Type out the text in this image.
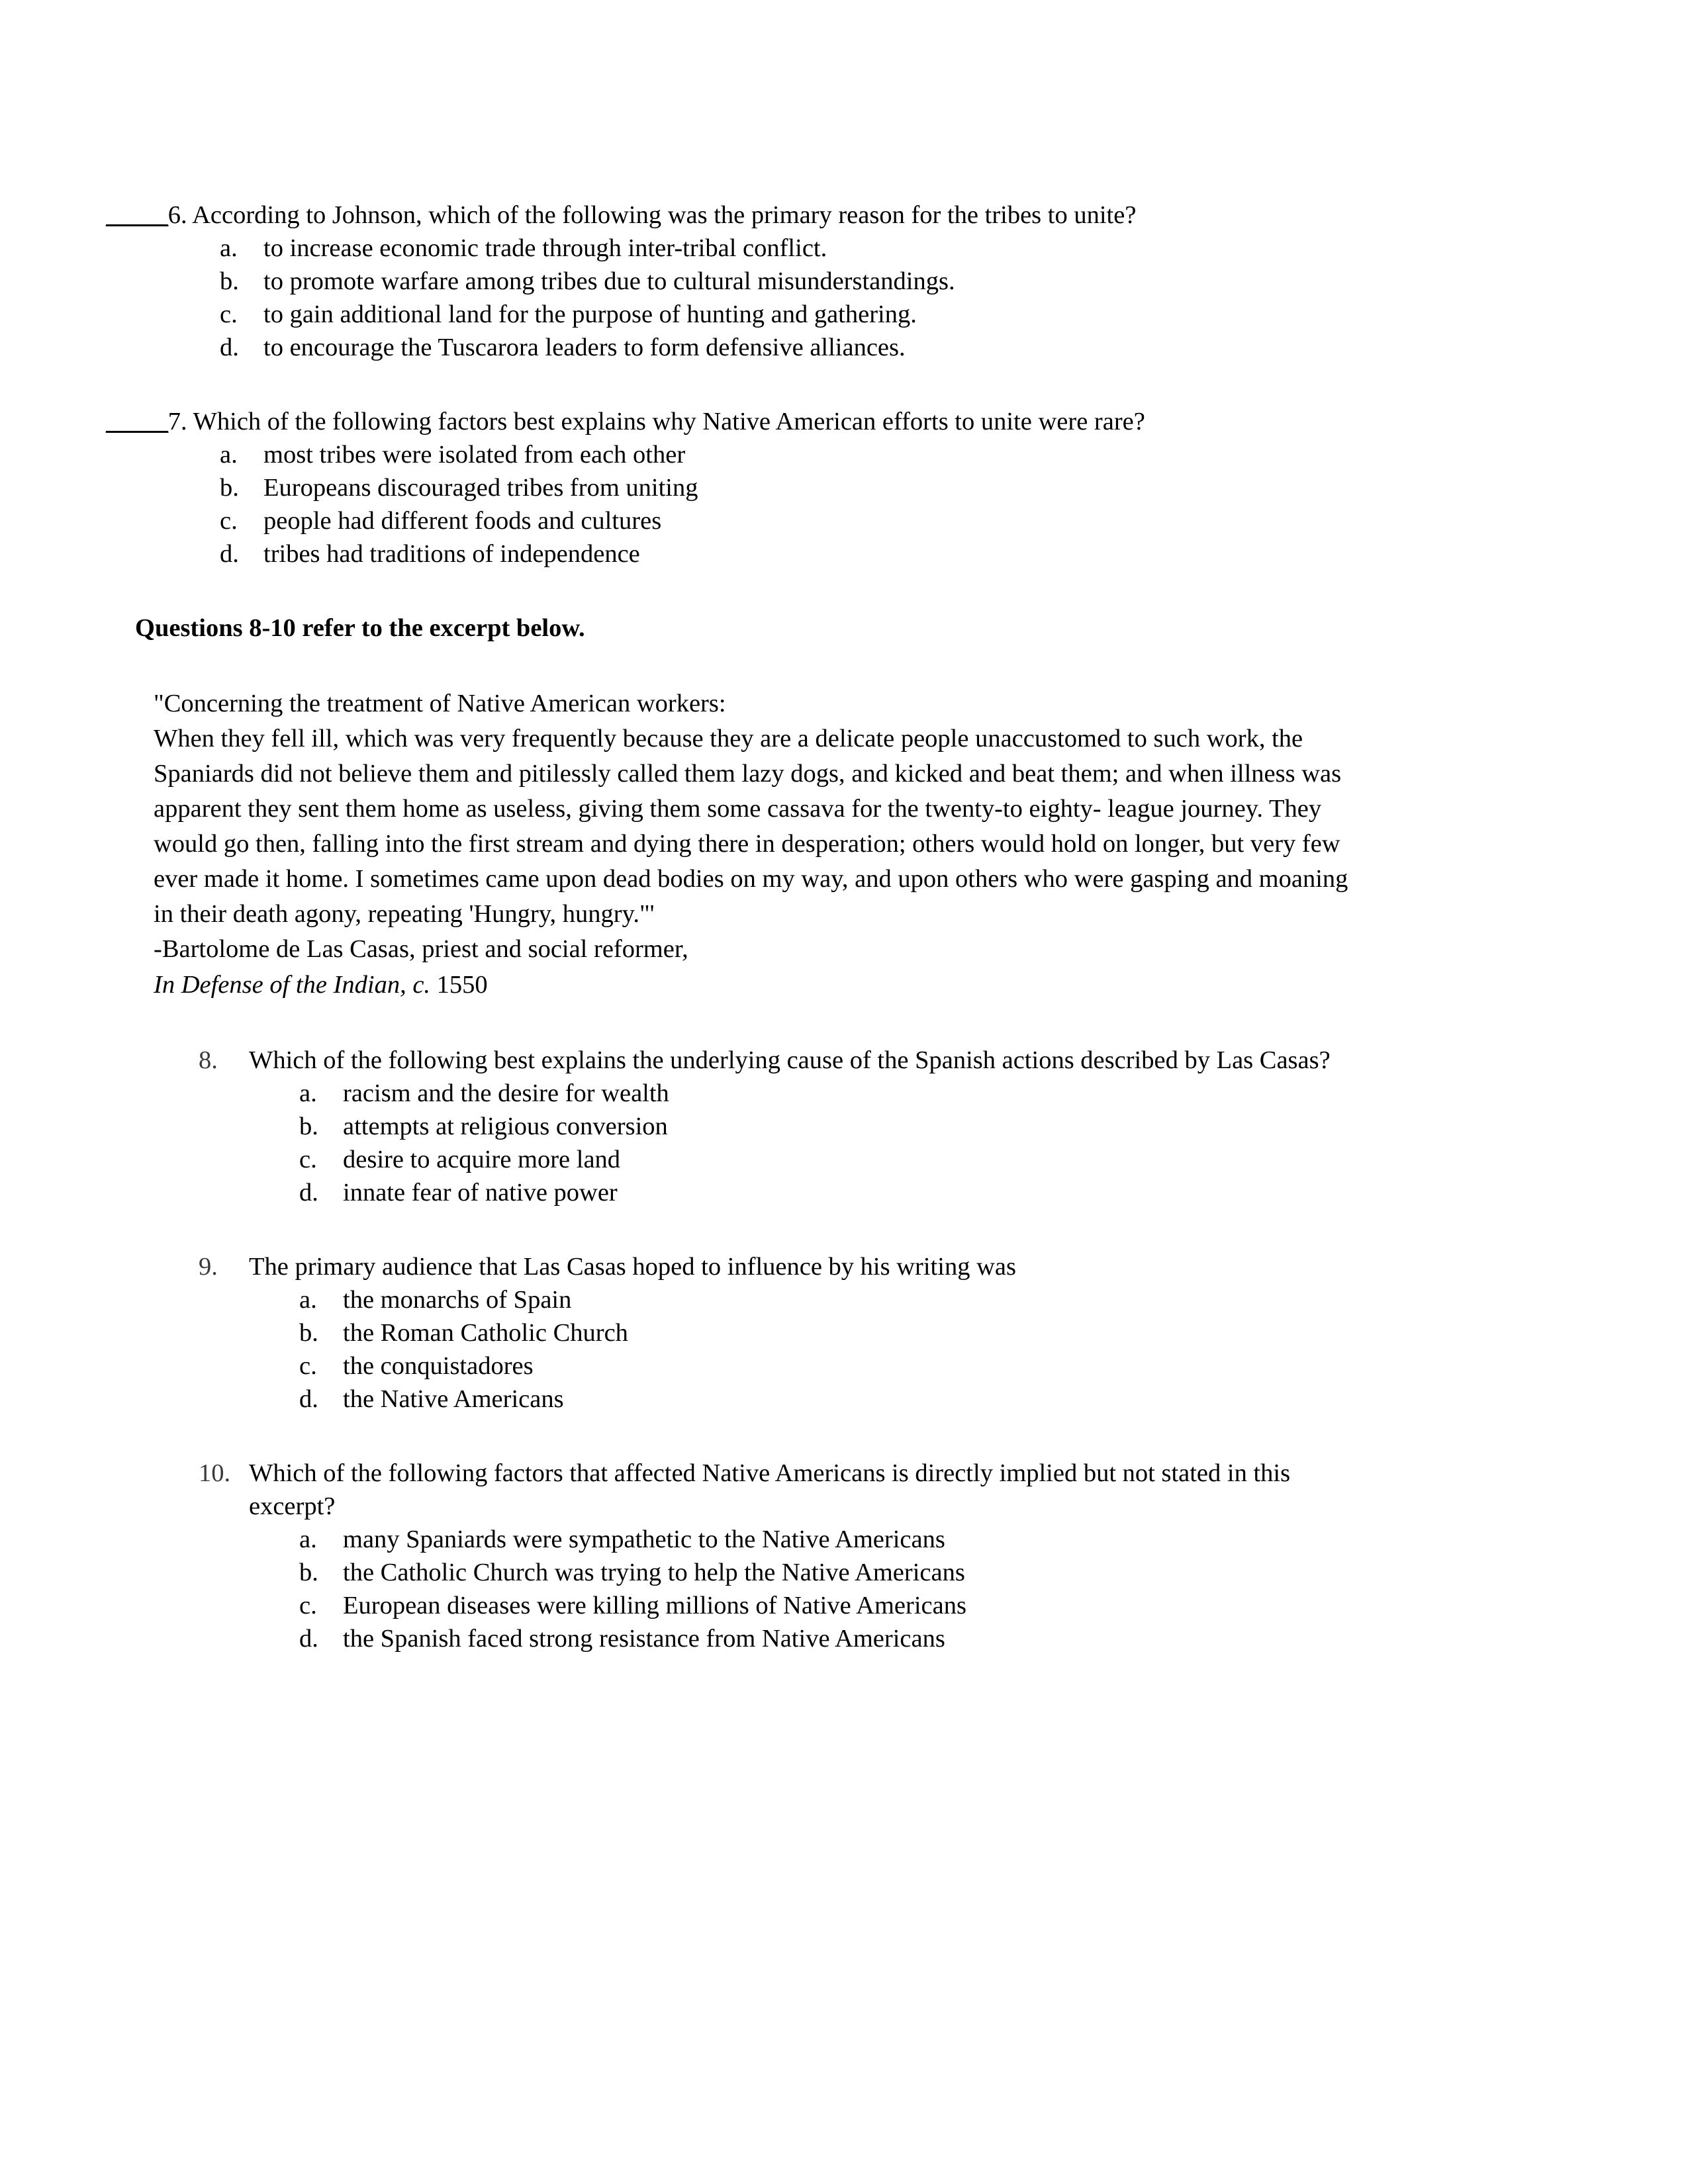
_____6. According to Johnson, which of the following was the primary reason for the tribes to unite?

a.	to increase economic trade through inter-tribal conflict.
b. to promote warfare among tribes due to cultural misunderstandings.
c.	to gain additional land for the purpose of hunting and gathering.
d. to encourage the Tuscarora leaders to form defensive alliances.

_____7. Which of the following factors best explains why Native American efforts to unite were rare?

a.	most tribes were isolated from each other
b. Europeans discouraged tribes from uniting
c.	people had different foods and cultures
d. tribes had traditions of independence

Questions 8-10 refer to the excerpt below.

"Concerning the treatment of Native American workers:
When they fell ill, which was very frequently because they are a delicate people unaccustomed to such work, the Spaniards did not believe them and pitilessly called them lazy dogs, and kicked and beat them; and when illness was apparent they sent them home as useless, giving them some cassava for the twenty-to eighty- league journey. They would go then, falling into the first stream and dying there in desperation; others would hold on longer, but very few ever made it home. I sometimes came upon dead bodies on my way, and upon others who were gasping and moaning in their death agony, repeating 'Hungry, hungry."'
-Bartolome de Las Casas, priest and social reformer,
In Defense of the Indian, c. 1550
8.	Which of the following best explains the underlying cause of the Spanish actions described by Las Casas?
a.	racism and the desire for wealth
b. attempts at religious conversion
c.	desire to acquire more land
d. innate fear of native power
9.	The primary audience that Las Casas hoped to influence by his writing was
a.	the monarchs of Spain
b. the Roman Catholic Church
c.	the conquistadores
d. the Native Americans
10. Which of the following factors that affected Native Americans is directly implied but not stated in this excerpt?
a.	many Spaniards were sympathetic to the Native Americans
b. the Catholic Church was trying to help the Native Americans
c.	European diseases were killing millions of Native Americans
d. the Spanish faced strong resistance from Native Americans
